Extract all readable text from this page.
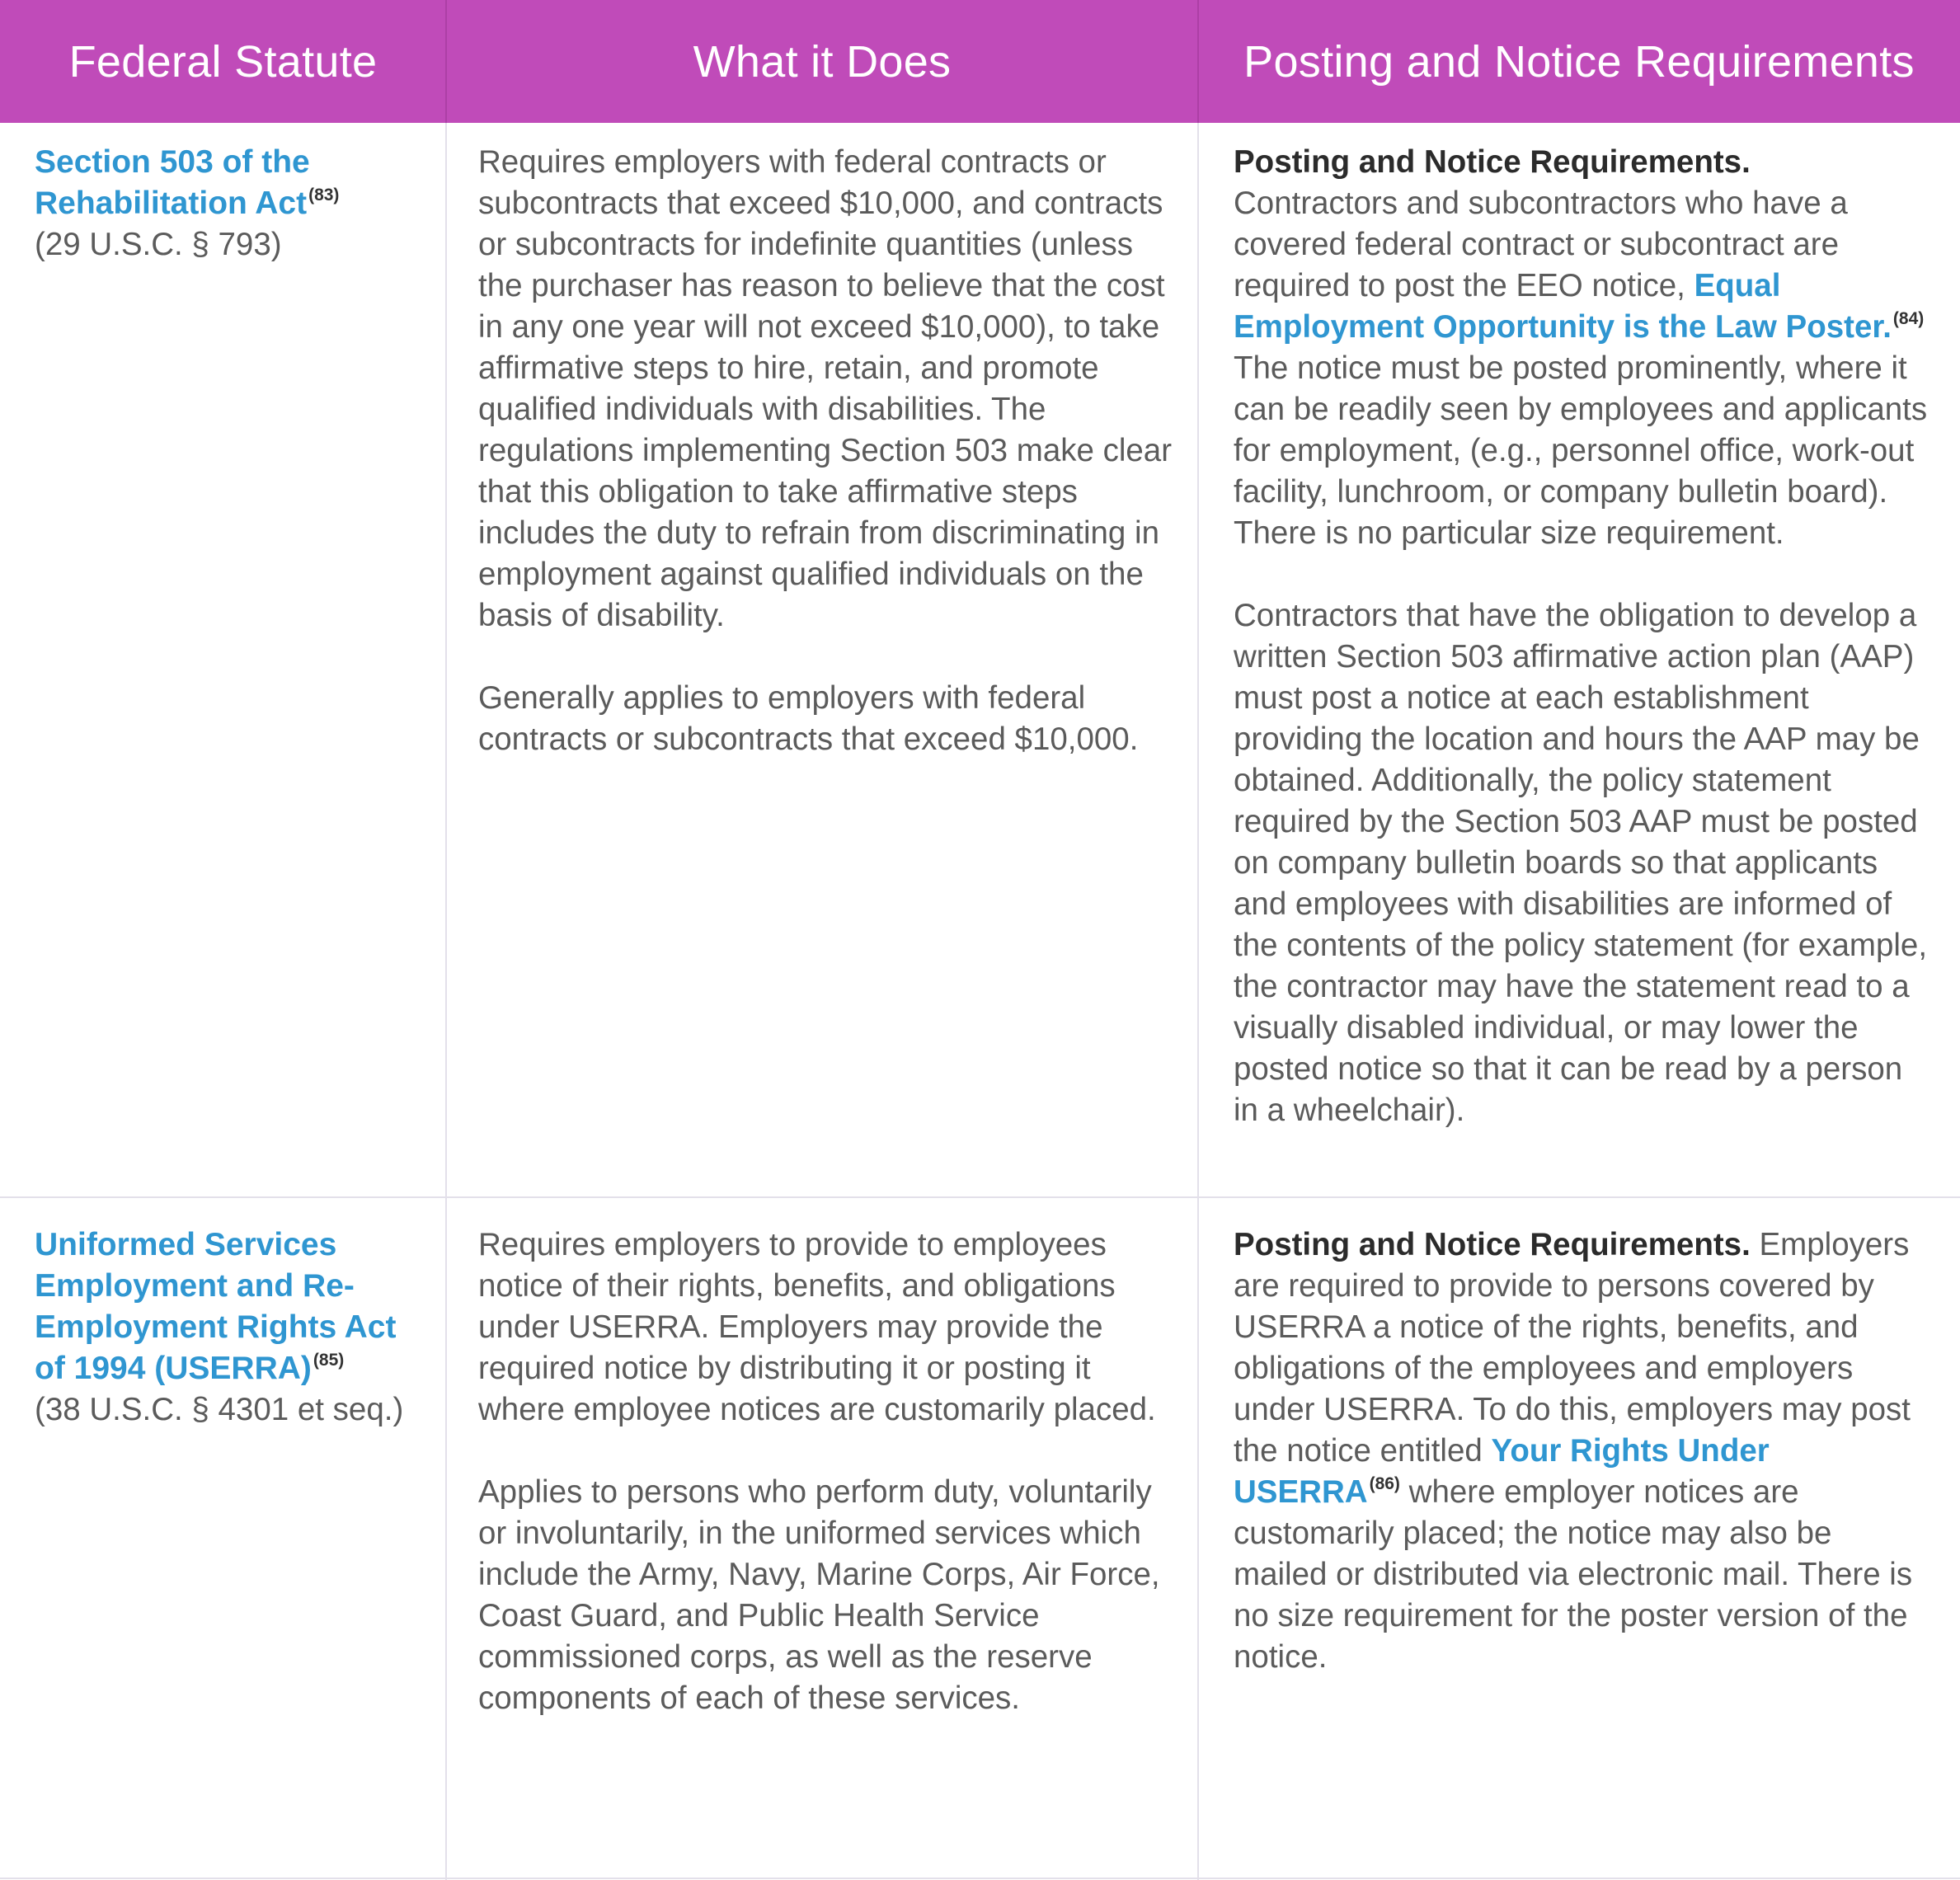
Federal Statute	What it Does	Posting and Notice Requirements
Section 503 of the Rehabilitation Act$^{(83)}$
(29 U.S.C. § 793)

Requires employers with federal contracts or subcontracts that exceed $10,000, and contracts or subcontracts for indefinite quantities (unless the purchaser has reason to believe that the cost in any one year will not exceed $10,000), to take affirmative steps to hire, retain, and promote qualified individuals with disabilities. The regulations implementing Section 503 make clear that this obligation to take affirmative steps includes the duty to refrain from discriminating in employment against qualified individuals on the basis of disability.

Generally applies to employers with federal contracts or subcontracts that exceed $10,000.

Posting and Notice Requirements.
Contractors and subcontractors who have a covered federal contract or subcontract are required to post the EEO notice, Equal Employment Opportunity is the Law Poster.$^{(84)}$ The notice must be posted prominently, where it can be readily seen by employees and applicants for employment, (e.g., personnel office, work-out facility, lunchroom, or company bulletin board). There is no particular size requirement.

Contractors that have the obligation to develop a written Section 503 affirmative action plan (AAP) must post a notice at each establishment providing the location and hours the AAP may be obtained. Additionally, the policy statement required by the Section 503 AAP must be posted on company bulletin boards so that applicants and employees with disabilities are informed of the contents of the policy statement (for example, the contractor may have the statement read to a visually disabled individual, or may lower the posted notice so that it can be read by a person in a wheelchair).

Uniformed Services Employment and Re-Employment Rights Act of 1994 (USERRA)$^{(85)}$
(38 U.S.C. § 4301 et seq.)

Requires employers to provide to employees notice of their rights, benefits, and obligations under USERRA. Employers may provide the required notice by distributing it or posting it where employee notices are customarily placed.

Applies to persons who perform duty, voluntarily or involuntarily, in the uniformed services which include the Army, Navy, Marine Corps, Air Force, Coast Guard, and Public Health Service commissioned corps, as well as the reserve components of each of these services.

Posting and Notice Requirements. Employers are required to provide to persons covered by USERRA a notice of the rights, benefits, and obligations of the employees and employers under USERRA. To do this, employers may post the notice entitled Your Rights Under USERRA$^{(86)}$ where employer notices are customarily placed; the notice may also be mailed or distributed via electronic mail. There is no size requirement for the poster version of the notice.
